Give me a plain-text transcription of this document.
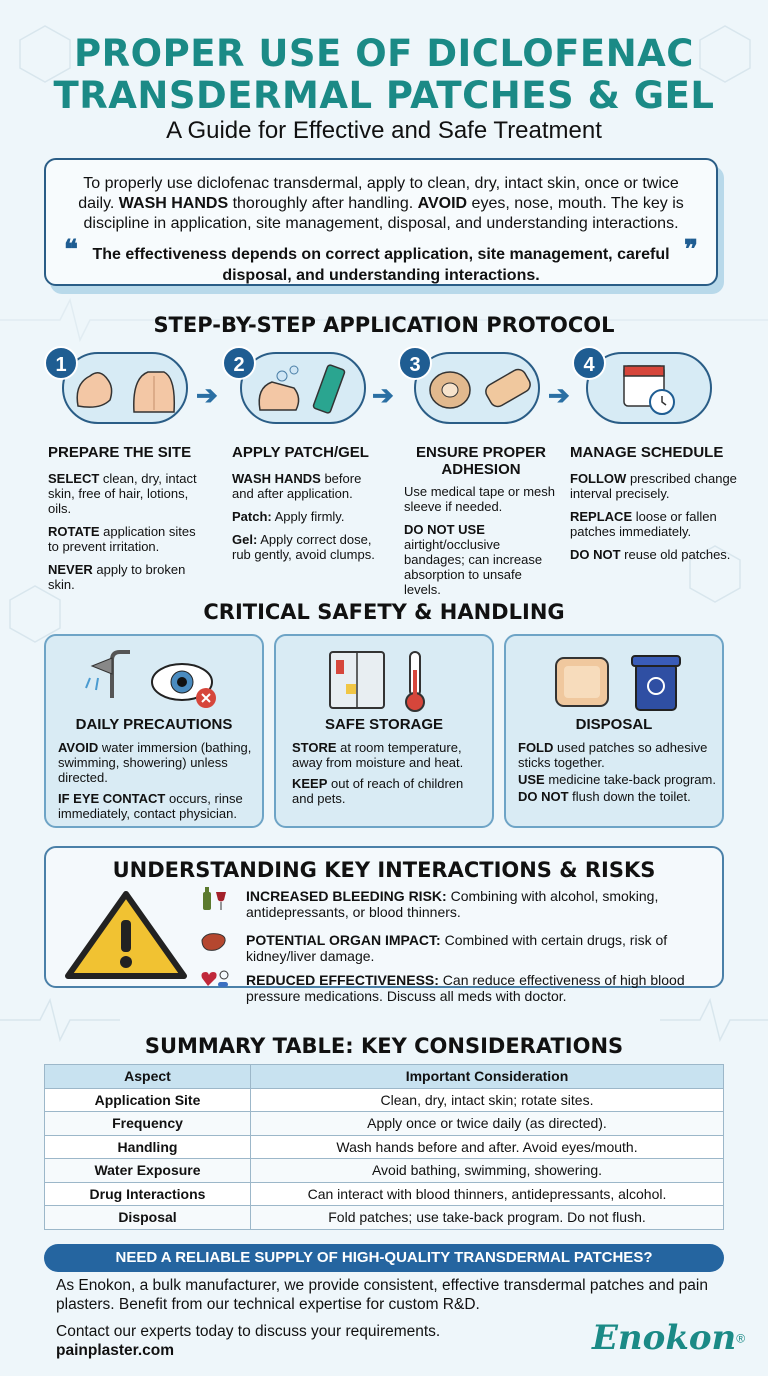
PROPER USE OF DICLOFENAC
TRANSDERMAL PATCHES & GEL
A Guide for Effective and Safe Treatment
To properly use diclofenac transdermal, apply to clean, dry, intact skin, once or twice daily. WASH HANDS thoroughly after handling. AVOID eyes, nose, mouth. The key is discipline in application, site management, disposal, and understanding interactions.
❝ The effectiveness depends on correct application, site management, careful disposal, and understanding interactions.
❞
STEP-BY-STEP APPLICATION PROTOCOL
1
➔
2
➔
3
➔
4
PREPARE THE SITE

SELECT clean, dry, intact skin, free of hair, lotions, oils.

ROTATE application sites to prevent irritation.

NEVER apply to broken skin.

APPLY PATCH/GEL

WASH HANDS before and after application.

Patch: Apply firmly.

Gel: Apply correct dose, rub gently, avoid clumps.

ENSURE PROPER
ADHESION

Use medical tape or mesh sleeve if needed.

DO NOT USE airtight/occlusive bandages; can increase absorption to unsafe levels.

MANAGE SCHEDULE

FOLLOW prescribed change interval precisely.

REPLACE loose or fallen patches immediately.

DO NOT reuse old patches.

CRITICAL SAFETY & HANDLING
DAILY PRECAUTIONS

AVOID water immersion (bathing, swimming, showering) unless directed.

IF EYE CONTACT occurs, rinse immediately, contact physician.

SAFE STORAGE

STORE at room temperature, away from moisture and heat.

KEEP out of reach of children and pets.

DISPOSAL

FOLD used patches so adhesive sticks together.

USE medicine take-back program.

DO NOT flush down the toilet.

UNDERSTANDING KEY INTERACTIONS & RISKS
INCREASED BLEEDING RISK: Combining with alcohol, smoking, antidepressants, or blood thinners.
POTENTIAL ORGAN IMPACT: Combined with certain drugs, risk of kidney/liver damage.
REDUCED EFFECTIVENESS: Can reduce effectiveness of high blood pressure medications. Discuss all meds with doctor.
SUMMARY TABLE: KEY CONSIDERATIONS
Aspect	Important Consideration
Application Site	Clean, dry, intact skin; rotate sites.
Frequency	Apply once or twice daily (as directed).
Handling	Wash hands before and after. Avoid eyes/mouth.
Water Exposure	Avoid bathing, swimming, showering.
Drug Interactions	Can interact with blood thinners, antidepressants, alcohol.
Disposal	Fold patches; use take-back program. Do not flush.
NEED A RELIABLE SUPPLY OF HIGH-QUALITY TRANSDERMAL PATCHES?
As Enokon, a bulk manufacturer, we provide consistent, effective transdermal patches and pain plasters. Benefit from our technical expertise for custom R&D.
Contact our experts today to discuss your requirements.
painplaster.com	Enokon®
